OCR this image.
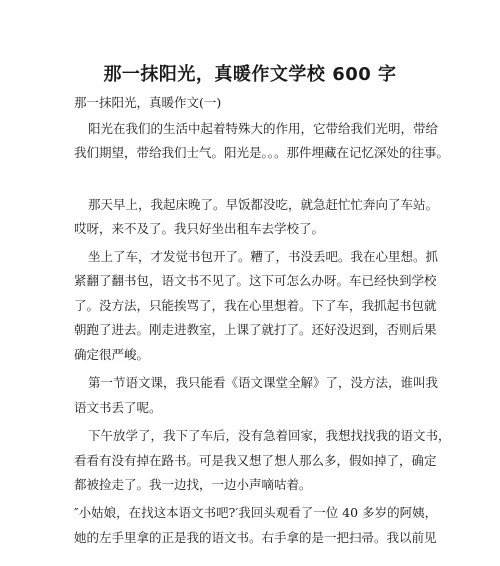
那一抹阳光，真暖作文学校 600 字
那一抹阳光，真暖作文(一)
阳光在我们的生活中起着特殊大的作用，它带给我们光明，带给
我们期望，带给我们士气。阳光是。。。那件埋藏在记忆深处的往事。
那天早上，我起床晚了。早饭都没吃，就急赶忙忙奔向了车站。
哎呀，来不及了。我只好坐出租车去学校了。
坐上了车，才发觉书包开了。糟了，书没丢吧。我在心里想。抓
紧翻了翻书包，语文书不见了。这下可怎么办呀。车已经快到学校
了。没方法，只能挨骂了，我在心里想着。下了车，我抓起书包就
朝跑了进去。刚走进教室，上课了就打了。还好没迟到，否则后果
确定很严峻。
第一节语文课，我只能看《语文课堂全解》了，没方法，谁叫我
语文书丢了呢。
下午放学了，我下了车后，没有急着回家，我想找找我的语文书，
看看有没有掉在路书。可是我又想了想人那么多，假如掉了，确定
都被捡走了。我一边找，一边小声嘀咕着。
″小姑娘，在找这本语文书吧?′我回头观看了一位 40 多岁的阿姨，
她的左手里拿的正是我的语文书。右手拿的是一把扫帚。我以前见
